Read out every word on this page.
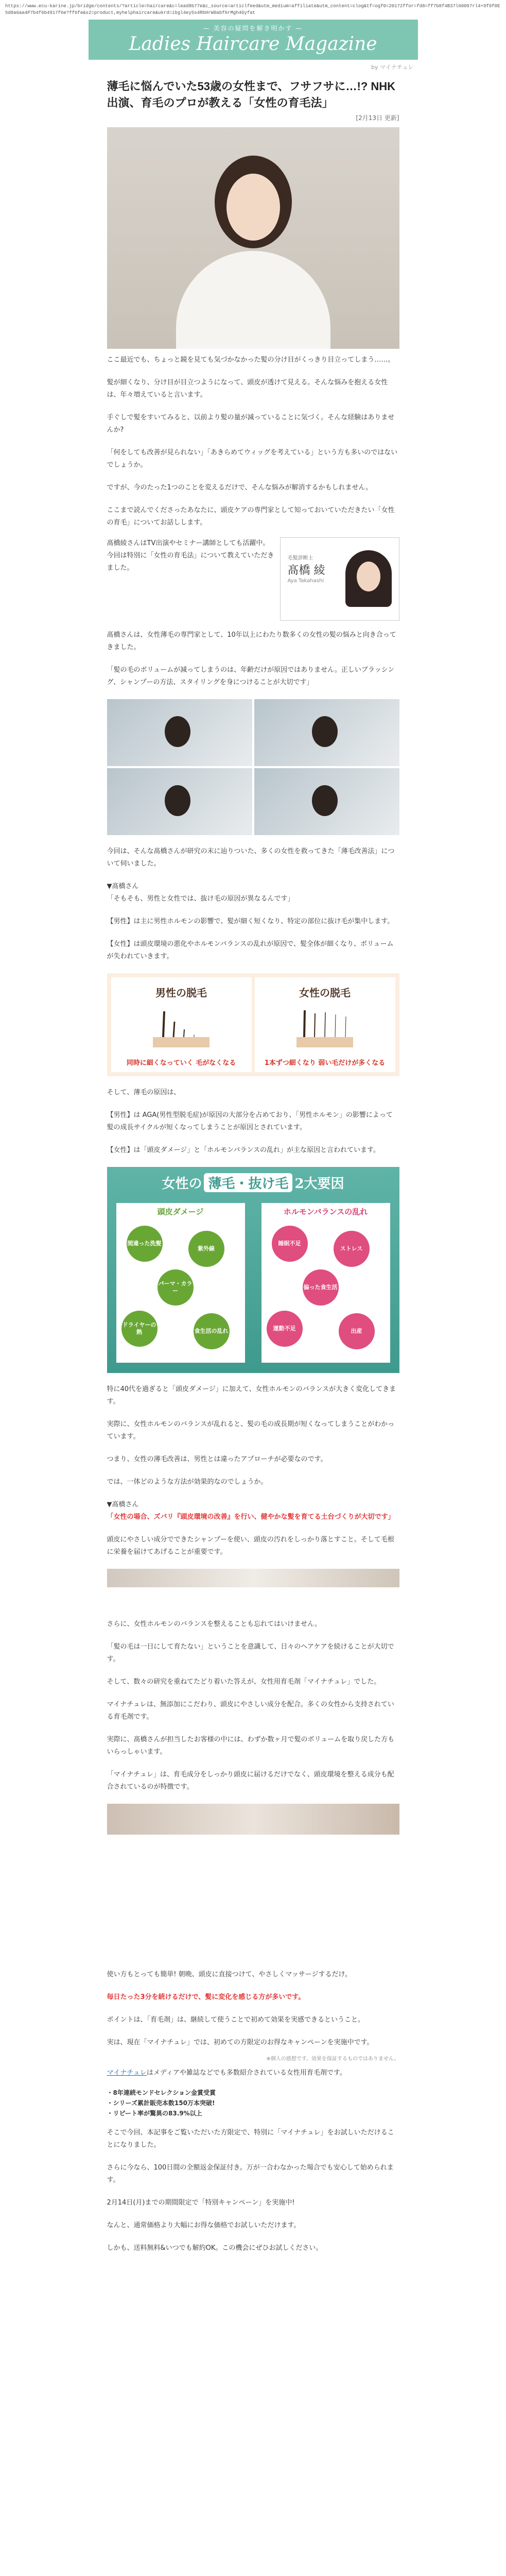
https://www.ecu-karine.jp/bridge/contents/?article=haircare&c=lead8b77e&c_source=articlfeed&utm_medium=affiliate&utm_content=clog&tf=ogf0=20172ffor=fd8=ff7b8f4B37l60097rl4+9f9f0E5d8a6aa4P7b4f6b4917f6e?ff6fe&s2=product,myhelphaircare&ukrd=ibgl4ey5s4RbHrW0abf6rMgh4Gyfat
— 美容の疑問を解き明かす —
Ladies Haircare Magazine
by マイナチュレ
薄毛に悩んでいた53歳の女性まで、フサフサに…!? NHK出演、育毛のプロが教える「女性の育毛法」
[2月13日 更新]

ここ最近でも、ちょっと鏡を見ても気づかなかった髪の分け目がくっきり目立ってしまう……。

髪が細くなり、分け目が目立つようになって、頭皮が透けて見える。そんな悩みを抱える女性は、年々増えていると言います。

手ぐしで髪をすいてみると、以前より髪の量が減っていることに気づく。そんな経験はありませんか?

「何をしても改善が見られない」「あきらめてウィッグを考えている」という方も多いのではないでしょうか。

ですが、今のたった1つのことを変えるだけで、そんな悩みが解消するかもしれません。

ここまで読んでくださったあなたに、頭皮ケアの専門家として知っておいていただきたい「女性の育毛」についてお話しします。

髙橋綾さんはTV出演やセミナー講師としても活躍中。今回は特別に「女性の育毛法」について教えていただきました。
毛髪診断士
髙橋 綾
Aya Takahashi

髙橋さんは、女性薄毛の専門家として、10年以上にわたり数多くの女性の髪の悩みと向き合ってきました。

「髪の毛のボリュームが減ってしまうのは、年齢だけが原因ではありません。正しいブラッシング、シャンプーの方法、スタイリングを身につけることが大切です」

今回は、そんな髙橋さんが研究の末に辿りついた、多くの女性を救ってきた「薄毛改善法」について伺いました。

▼髙橋さん

「そもそも、男性と女性では、抜け毛の原因が異なるんです」

【男性】は主に男性ホルモンの影響で、髪が細く短くなり、特定の部位に抜け毛が集中します。

【女性】は頭皮環境の悪化やホルモンバランスの乱れが原因で、髪全体が細くなり、ボリュームが失われていきます。

男性の脱毛
同時に細くなっていく 毛がなくなる
女性の脱毛
1本ずつ細くなり 弱い毛だけが多くなる

そして、薄毛の原因は、

【男性】は AGA(男性型脱毛症)が原因の大部分を占めており、「男性ホルモン」の影響によって髪の成長サイクルが短くなってしまうことが原因とされています。

【女性】は「頭皮ダメージ」と「ホルモンバランスの乱れ」が主な原因と言われています。

女性の 薄毛・抜け毛 2大要因
頭皮ダメージ
間違った洗髪
紫外線
パーマ・カラー
ドライヤーの熱	食生活の乱れ
ホルモンバランスの乱れ
睡眠不足
ストレス
偏った食生活
運動不足	出産

特に40代を過ぎると「頭皮ダメージ」に加えて、女性ホルモンのバランスが大きく変化してきます。

実際に、女性ホルモンのバランスが乱れると、髪の毛の成長期が短くなってしまうことがわかっています。

つまり、女性の薄毛改善は、男性とは違ったアプローチが必要なのです。

では、一体どのような方法が効果的なのでしょうか。

▼髙橋さん

「女性の場合、ズバリ『頭皮環境の改善』を行い、健やかな髪を育てる土台づくりが大切です」

頭皮にやさしい成分でできたシャンプーを使い、頭皮の汚れをしっかり落とすこと。そして毛根に栄養を届けてあげることが重要です。

さらに、女性ホルモンのバランスを整えることも忘れてはいけません。

「髪の毛は一日にして育たない」ということを意識して、日々のヘアケアを続けることが大切です。

そして、数々の研究を重ねてたどり着いた答えが、女性用育毛剤「マイナチュレ」でした。

マイナチュレは、無添加にこだわり、頭皮にやさしい成分を配合。多くの女性から支持されている育毛剤です。

実際に、髙橋さんが担当したお客様の中には、わずか数ヶ月で髪のボリュームを取り戻した方もいらっしゃいます。

「マイナチュレ」は、育毛成分をしっかり頭皮に届けるだけでなく、頭皮環境を整える成分も配合されているのが特徴です。

使い方もとっても簡単! 朝晩、頭皮に直接つけて、やさしくマッサージするだけ。

毎日たった3分を続けるだけで、髪に変化を感じる方が多いです。

ポイントは、「育毛剤」は、継続して使うことで初めて効果を実感できるということ。

実は、現在「マイナチュレ」では、初めての方限定のお得なキャンペーンを実施中です。

※個人の感想です。効果を保証するものではありません。

マイナチュレはメディアや雑誌などでも多数紹介されている女性用育毛剤です。

・8年連続モンドセレクション金賞受賞
・シリーズ累計販売本数150万本突破!
・リピート率が驚異の83.9%以上

そこで今回、本記事をご覧いただいた方限定で、特別に「マイナチュレ」をお試しいただけることになりました。

さらに今なら、100日間の全額返金保証付き。万が一合わなかった場合でも安心して始められます。

2月14日(月)までの期間限定で「特別キャンペーン」を実施中!

なんと、通常価格より大幅にお得な価格でお試しいただけます。

しかも、送料無料&いつでも解約OK。この機会にぜひお試しください。
